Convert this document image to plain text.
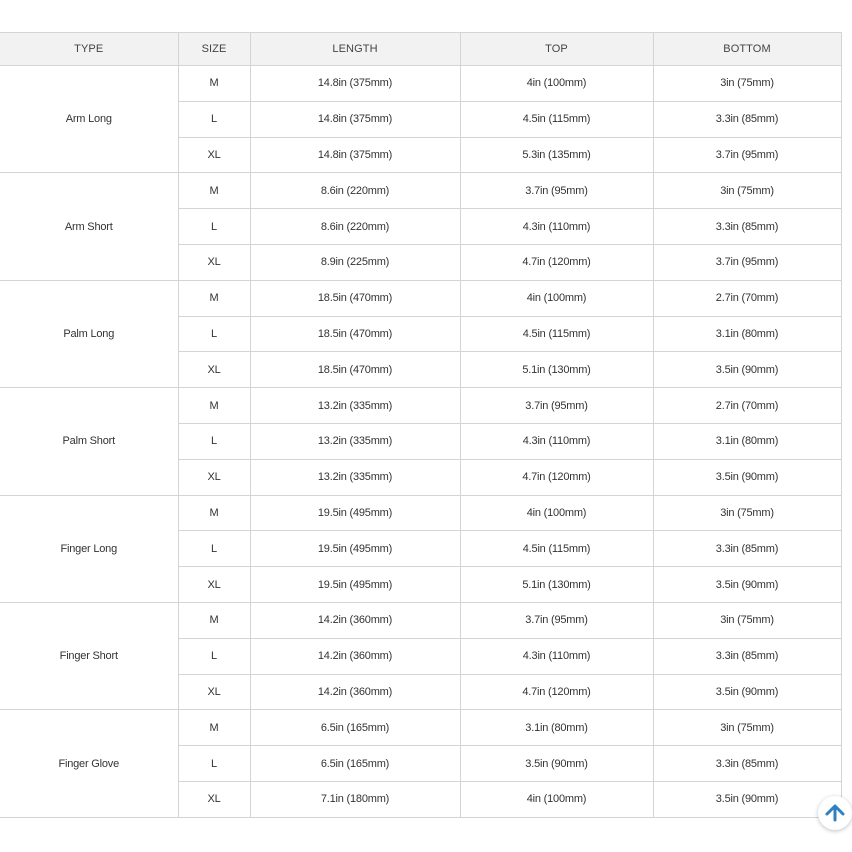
TYPE	SIZE	LENGTH	TOP	BOTTOM
Arm Long	M	14.8in (375mm)	4in (100mm)	3in (75mm)
	L	14.8in (375mm)	4.5in (115mm)	3.3in (85mm)
	XL	14.8in (375mm)	5.3in (135mm)	3.7in (95mm)
Arm Short	M	8.6in (220mm)	3.7in (95mm)	3in (75mm)
	L	8.6in (220mm)	4.3in (110mm)	3.3in (85mm)
	XL	8.9in (225mm)	4.7in (120mm)	3.7in (95mm)
Palm Long	M	18.5in (470mm)	4in (100mm)	2.7in (70mm)
	L	18.5in (470mm)	4.5in (115mm)	3.1in (80mm)
	XL	18.5in (470mm)	5.1in (130mm)	3.5in (90mm)
Palm Short	M	13.2in (335mm)	3.7in (95mm)	2.7in (70mm)
	L	13.2in (335mm)	4.3in (110mm)	3.1in (80mm)
	XL	13.2in (335mm)	4.7in (120mm)	3.5in (90mm)
Finger Long	M	19.5in (495mm)	4in (100mm)	3in (75mm)
	L	19.5in (495mm)	4.5in (115mm)	3.3in (85mm)
	XL	19.5in (495mm)	5.1in (130mm)	3.5in (90mm)
Finger Short	M	14.2in (360mm)	3.7in (95mm)	3in (75mm)
	L	14.2in (360mm)	4.3in (110mm)	3.3in (85mm)
	XL	14.2in (360mm)	4.7in (120mm)	3.5in (90mm)
Finger Glove	M	6.5in (165mm)	3.1in (80mm)	3in (75mm)
	L	6.5in (165mm)	3.5in (90mm)	3.3in (85mm)
	XL	7.1in (180mm)	4in (100mm)	3.5in (90mm)
